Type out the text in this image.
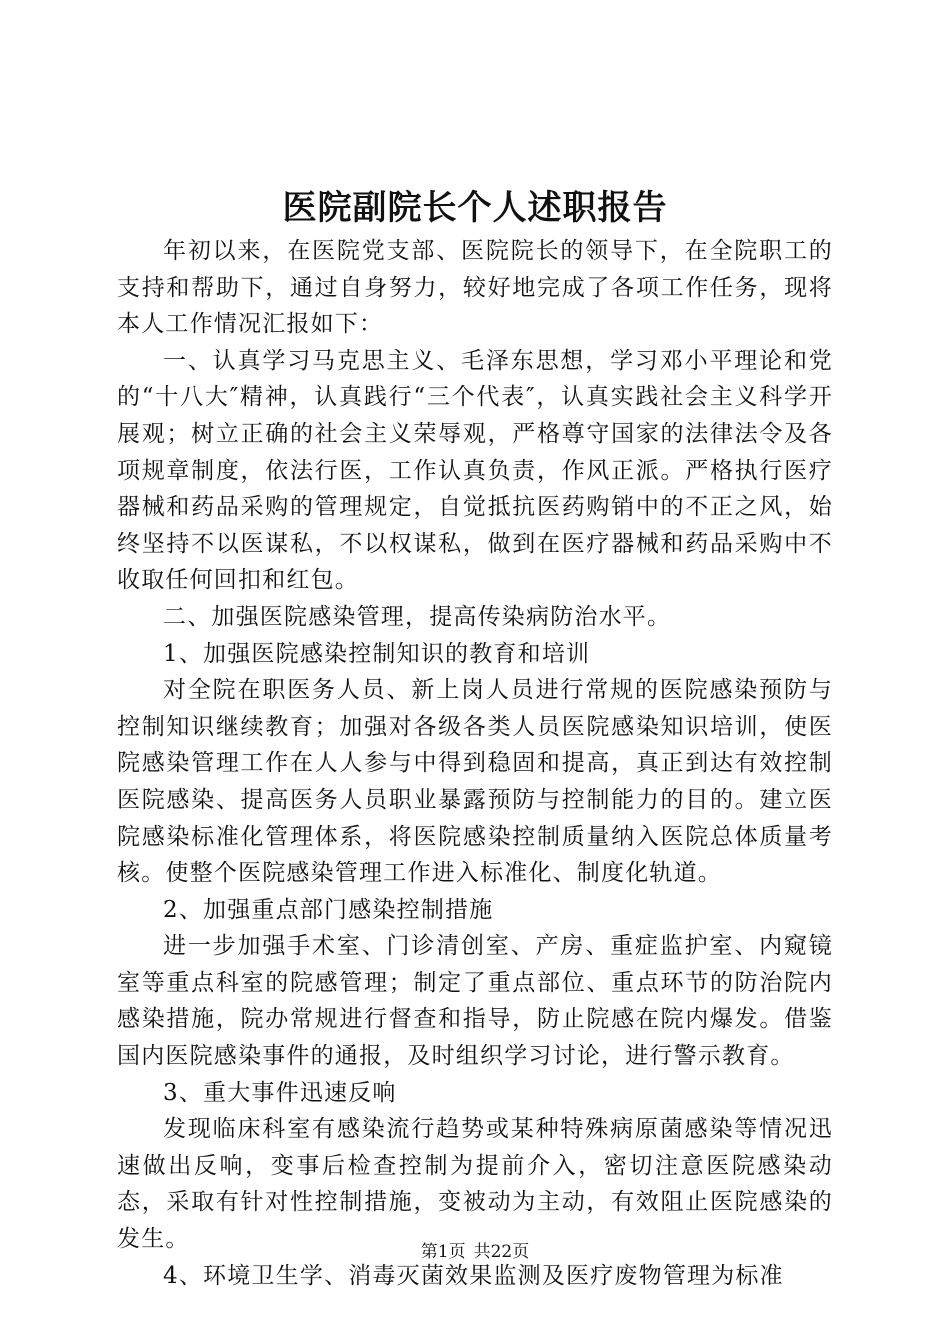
医院副院长个人述职报告

年初以来，在医院党支部、医院院长的领导下，在全院职工的支持和帮助下，通过自身努力，较好地完成了各项工作任务，现将本人工作情况汇报如下：

一、认真学习马克思主义、毛泽东思想，学习邓小平理论和党的“十八大″精神，认真践行“三个代表″，认真实践社会主义科学开展观；树立正确的社会主义荣辱观，严格尊守国家的法律法令及各项规章制度，依法行医，工作认真负责，作风正派。严格执行医疗器械和药品采购的管理规定，自觉抵抗医药购销中的不正之风，始终坚持不以医谋私，不以权谋私，做到在医疗器械和药品采购中不收取任何回扣和红包。

二、加强医院感染管理，提高传染病防治水平。

1、加强医院感染控制知识的教育和培训

对全院在职医务人员、新上岗人员进行常规的医院感染预防与控制知识继续教育；加强对各级各类人员医院感染知识培训，使医院感染管理工作在人人参与中得到稳固和提高，真正到达有效控制医院感染、提高医务人员职业暴露预防与控制能力的目的。建立医院感染标准化管理体系，将医院感染控制质量纳入医院总体质量考核。使整个医院感染管理工作进入标准化、制度化轨道。

2、加强重点部门感染控制措施

进一步加强手术室、门诊清创室、产房、重症监护室、内窥镜室等重点科室的院感管理；制定了重点部位、重点环节的防治院内感染措施，院办常规进行督查和指导，防止院感在院内爆发。借鉴国内医院感染事件的通报，及时组织学习讨论，进行警示教育。

3、重大事件迅速反响

发现临床科室有感染流行趋势或某种特殊病原菌感染等情况迅速做出反响，变事后检查控制为提前介入，密切注意医院感染动态，采取有针对性控制措施，变被动为主动，有效阻止医院感染的发生。

4、环境卫生学、消毒灭菌效果监测及医疗废物管理为标准

第1页 共22页
